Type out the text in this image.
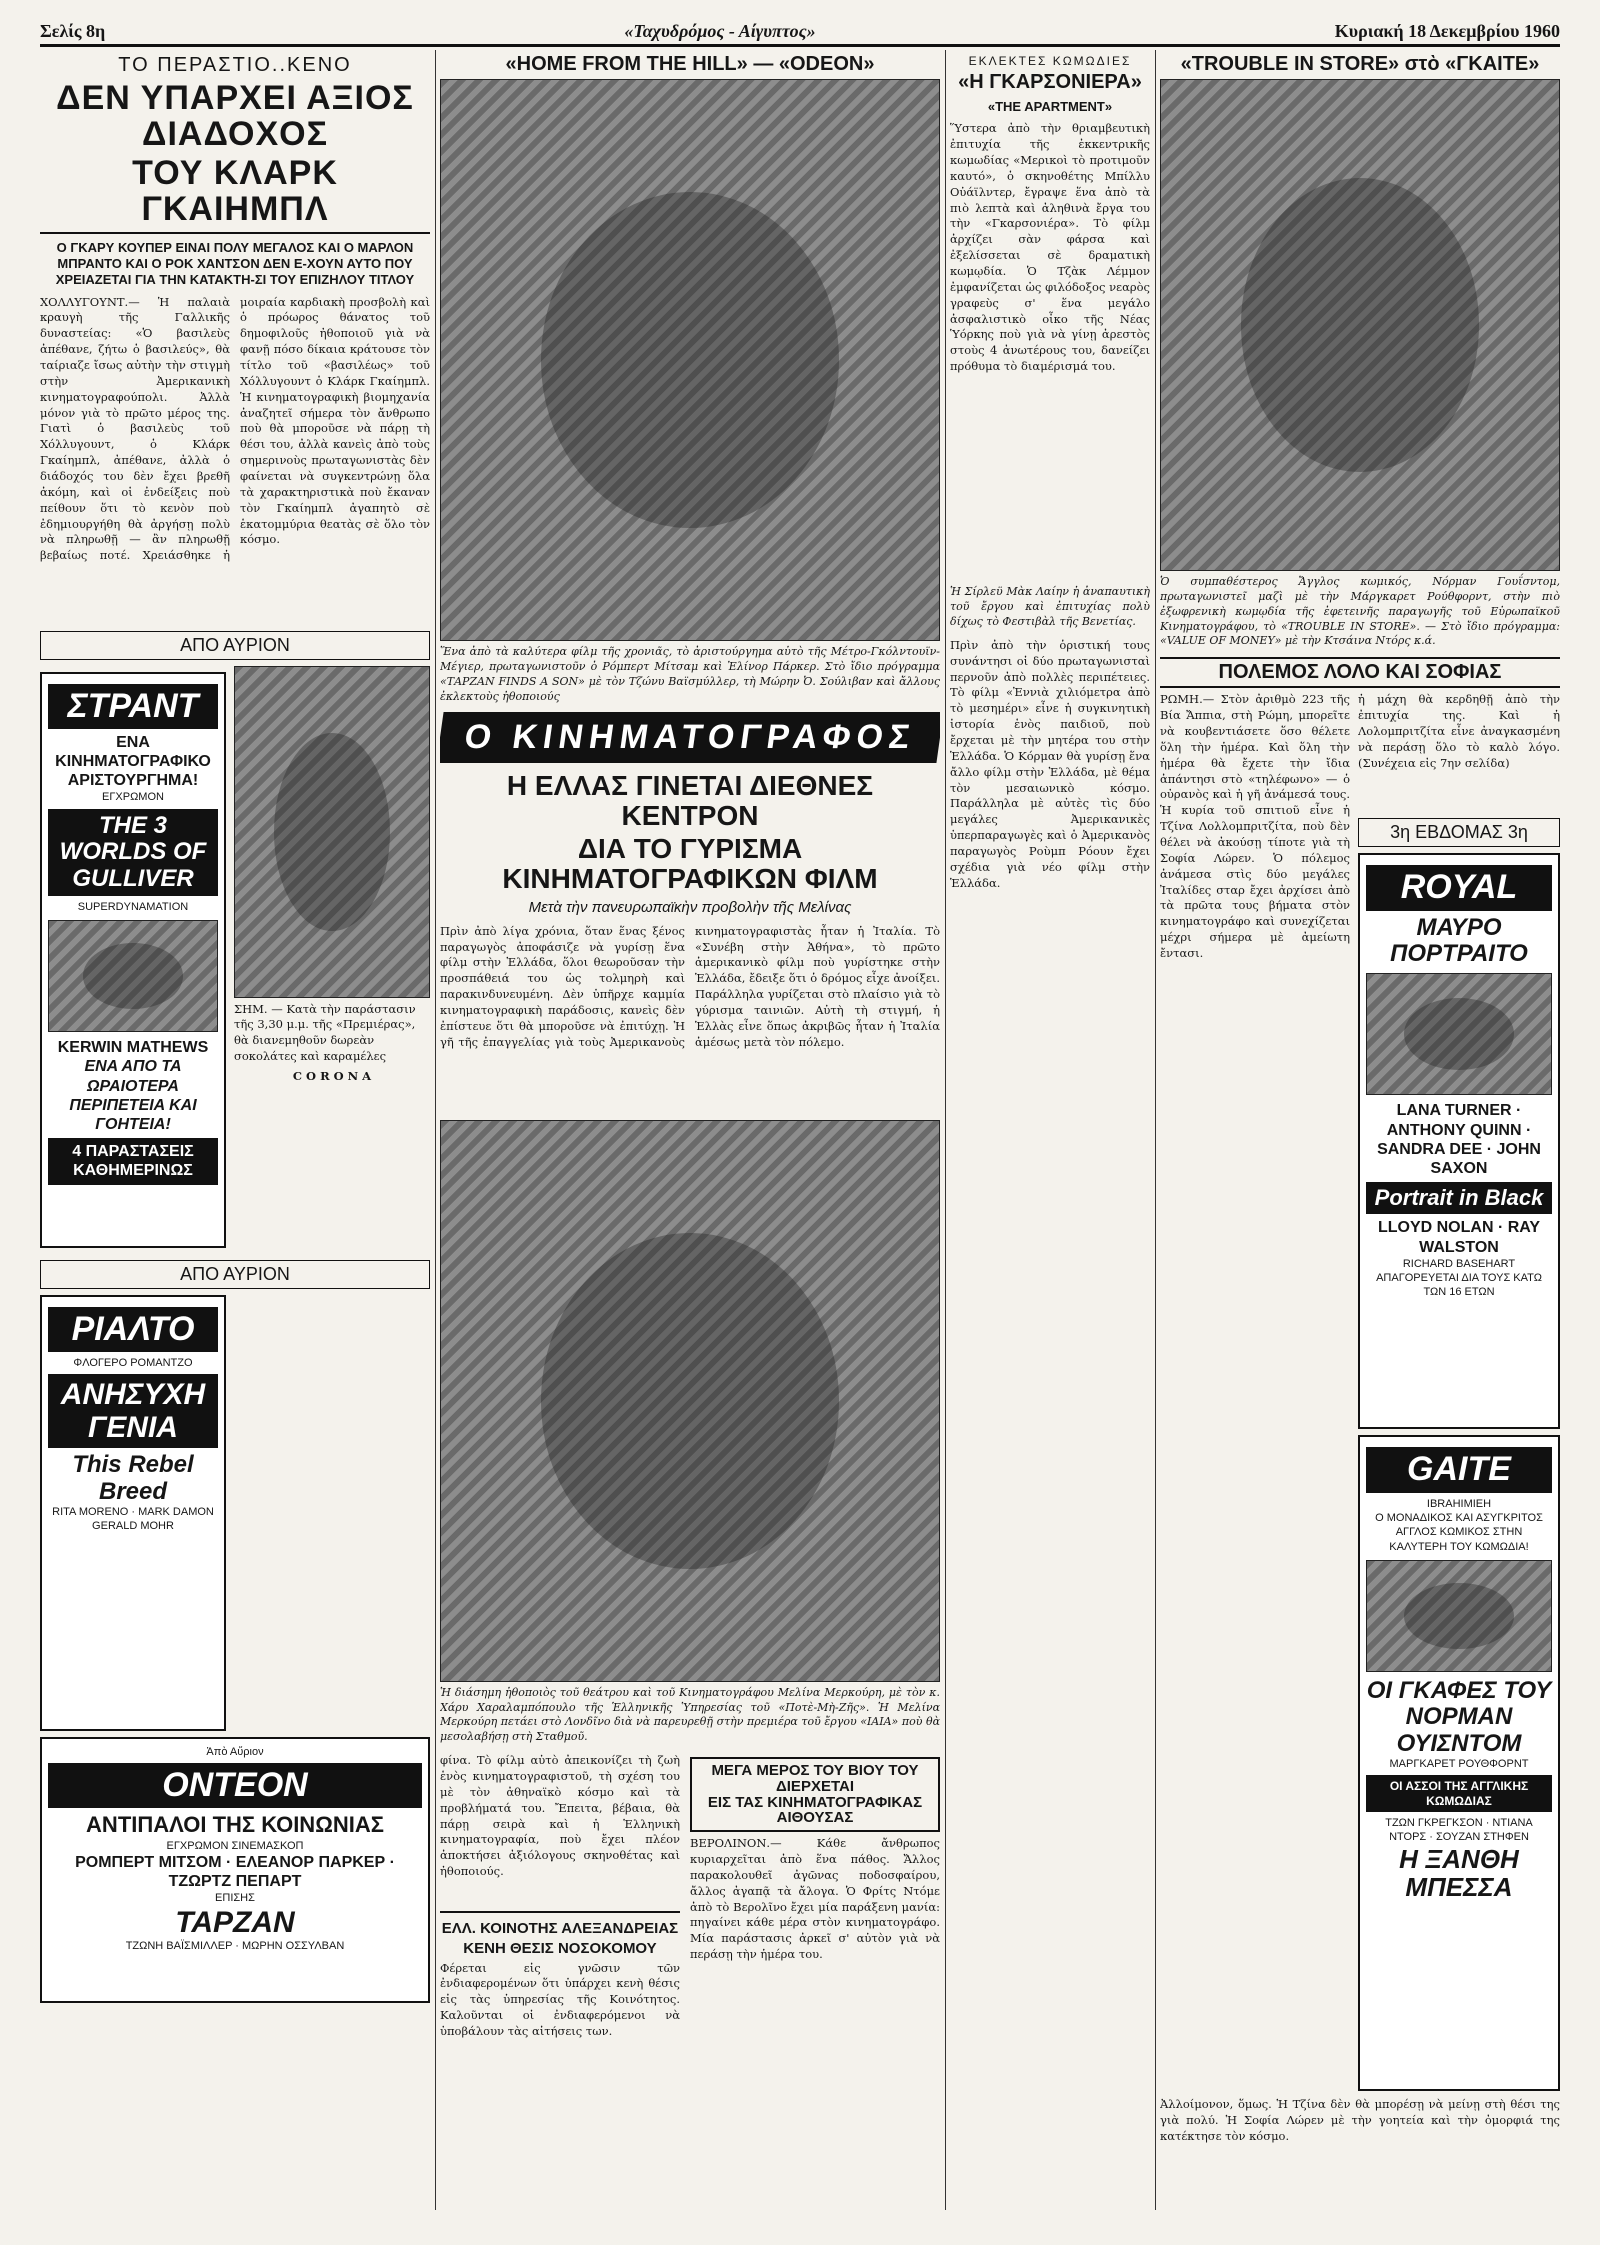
Σελίς 8η	«Ταχυδρόμος - Αίγυπτος»	Κυριακή 18 Δεκεμβρίου 1960
ΤΟ ΠΕΡΑΣΤΙΟ..ΚΕΝΟ
ΔΕΝ ΥΠΑΡΧΕΙ ΑΞΙΟΣ ΔΙΑΔΟΧΟΣ
ΤΟΥ ΚΛΑΡΚ ΓΚΑΙΗΜΠΛ
Ο ΓΚΑΡΥ ΚΟΥΠΕΡ ΕΙΝΑΙ ΠΟΛΥ ΜΕΓΑΛΟΣ ΚΑΙ Ο ΜΑΡΛΟΝ ΜΠΡΑΝΤΟ ΚΑΙ Ο ΡΟΚ ΧΑΝΤΣΟΝ ΔΕΝ Ε-ΧΟΥΝ ΑΥΤΟ ΠΟΥ ΧΡΕΙΑΖΕΤΑΙ ΓΙΑ ΤΗΝ ΚΑΤΑΚΤΗ-ΣΙ ΤΟΥ ΕΠΙΖΗΛΟΥ ΤΙΤΛΟΥ
ΧΟΛΛΥΓΟΥΝΤ.— Ἡ παλαιὰ κραυγὴ τῆς Γαλλικῆς δυναστείας: «Ὁ βασιλεὺς ἀπέθανε, ζήτω ὁ βασιλεύς», θὰ ταίριαζε ἴσως αὐτὴν τὴν στιγμὴ στὴν Ἀμερικανικὴ κινηματογραφούπολι. Ἀλλὰ μόνον γιὰ τὸ πρῶτο μέρος της. Γιατὶ ὁ βασιλεὺς τοῦ Χόλλυγουντ, ὁ Κλάρκ Γκαίημπλ, ἀπέθανε, ἀλλὰ ὁ διάδοχός του δὲν ἔχει βρεθῆ ἀκόμη, καὶ οἱ ἐνδείξεις ποὺ πείθουν ὅτι τὸ κενὸν ποὺ ἐδημιουργήθη θὰ ἀργήσῃ πολὺ νὰ πληρωθῇ — ἂν πληρωθῇ βεβαίως ποτέ. Χρειάσθηκε ἡ μοιραία καρδιακὴ προσβολὴ καὶ ὁ πρόωρος θάνατος τοῦ δημοφιλοῦς ἠθοποιοῦ γιὰ νὰ φανῇ πόσο δίκαια κράτουσε τὸν τίτλο τοῦ «βασιλέως» τοῦ Χόλλυγουντ ὁ Κλάρκ Γκαίημπλ. Ἡ κινηματογραφικὴ βιομηχανία ἀναζητεῖ σήμερα τὸν ἄνθρωπο ποὺ θὰ μποροῦσε νὰ πάρῃ τὴ θέσι του, ἀλλὰ κανεὶς ἀπὸ τοὺς σημερινοὺς πρωταγωνιστὰς δὲν φαίνεται νὰ συγκεντρώνῃ ὅλα τὰ χαρακτηριστικὰ ποὺ ἔκαναν τὸν Γκαίημπλ ἀγαπητὸ σὲ ἑκατομμύρια θεατὰς σὲ ὅλο τὸν κόσμο.
ΑΠΟ ΑΥΡΙΟΝ
ΣΤΡΑΝΤ
ΕΝΑ ΚΙΝΗΜΑΤΟΓΡΑΦΙΚΟ ΑΡΙΣΤΟΥΡΓΗΜΑ!
ΕΓΧΡΩΜΟΝ
THE 3 WORLDS OF GULLIVER
SUPERDYNAMATION
KERWIN MATHEWS
ΕΝΑ ΑΠΟ ΤΑ ΩΡΑΙΟΤΕΡΑ ΠΕΡΙΠΕΤΕΙΑ ΚΑΙ ΓΟΗΤΕΙΑ!
4 ΠΑΡΑΣΤΑΣΕΙΣ ΚΑΘΗΜΕΡΙΝΩΣ
ΣΗΜ. — Κατὰ τὴν παράστασιν τῆς 3,30 μ.μ. τῆς «Πρεμιέρας», θὰ διανεμηθοῦν δωρεὰν σοκολάτες καὶ καραμέλες
C O R O N A
ΑΠΟ ΑΥΡΙΟΝ
ΡΙΑΛΤΟ
ΦΛΟΓΕΡΟ ΡΟΜΑΝΤΖΟ
ΑΝΗΣΥΧΗ ΓΕΝΙΑ
This Rebel Breed
RITA MORENO · MARK DAMON
GERALD MOHR
Ἀπὸ Αὔριον
ΟΝΤΕΟΝ
ΑΝΤΙΠΑΛΟΙ ΤΗΣ ΚΟΙΝΩΝΙΑΣ
ΕΓΧΡΩΜΟΝ ΣΙΝΕΜΑΣΚΟΠ
ΡΟΜΠΕΡΤ ΜΙΤΣΟΜ · ΕΛΕΑΝΟΡ ΠΑΡΚΕΡ · ΤΖΩΡΤΖ ΠΕΠΑΡΤ
ΕΠΙΣΗΣ
ΤΑΡΖΑΝ
ΤΖΩΝΗ ΒΑΪΣΜΙΛΛΕΡ · ΜΩΡΗΝ ΟΣΣΥΛΒΑΝ
«HOME FROM THE HILL» — «ODEON»
Ἕνα ἀπὸ τὰ καλύτερα φίλμ τῆς χρονιᾶς, τὸ ἀριστούργημα αὐτὸ τῆς Μέτρο-Γκόλντουϊν-Μέγιερ, πρωταγωνιστοῦν ὁ Ρόμπερτ Μίτσαμ καὶ Ἐλίνορ Πάρκερ. Στὸ ἴδιο πρόγραμμα «ΤΑΡΖΑΝ FINDS A SON» μὲ τὸν Τζώνυ Βαϊσμύλλερ, τὴ Μώρην Ὀ. Σούλιβαν καὶ ἄλλους ἐκλεκτοὺς ἠθοποιούς
Ο ΚΙΝΗΜΑΤΟΓΡΑΦΟΣ
Η ΕΛΛΑΣ ΓΙΝΕΤΑΙ ΔΙΕΘΝΕΣ ΚΕΝΤΡΟΝ
ΔΙΑ ΤΟ ΓΥΡΙΣΜΑ ΚΙΝΗΜΑΤΟΓΡΑΦΙΚΩΝ ΦΙΛΜ
Μετὰ τὴν πανευρωπαϊκὴν προβολὴν τῆς Μελίνας
Πρὶν ἀπὸ λίγα χρόνια, ὅταν ἕνας ξένος παραγωγὸς ἀποφάσιζε νὰ γυρίσῃ ἕνα φίλμ στὴν Ἑλλάδα, ὅλοι θεωροῦσαν τὴν προσπάθειά του ὡς τολμηρὴ καὶ παρακινδυνευμένη. Δὲν ὑπῆρχε καμμία κινηματογραφικὴ παράδοσις, κανεὶς δὲν ἐπίστευε ὅτι θὰ μποροῦσε νὰ ἐπιτύχῃ. Ἡ γῆ τῆς ἐπαγγελίας γιὰ τοὺς Ἀμερικανοὺς κινηματογραφιστὰς ἦταν ἡ Ἰταλία. Τὸ «Συνέβη στὴν Ἀθήνα», τὸ πρῶτο ἀμερικανικὸ φίλμ ποὺ γυρίστηκε στὴν Ἑλλάδα, ἔδειξε ὅτι ὁ δρόμος εἶχε ἀνοίξει. Παράλληλα γυρίζεται στὸ πλαίσιο γιὰ τὸ γύρισμα ταινιῶν. Αὐτὴ τὴ στιγμή, ἡ Ἑλλὰς εἶνε ὅπως ἀκριβῶς ἦταν ἡ Ἰταλία ἀμέσως μετὰ τὸν πόλεμο.
Ἡ διάσημη ἠθοποιὸς τοῦ θεάτρου καὶ τοῦ Κινηματογράφου Μελίνα Μερκούρη, μὲ τὸν κ. Χάρυ Χαραλαμπόπουλο τῆς Ἑλληνικῆς Ὑπηρεσίας τοῦ «Ποτὲ-Μὴ-Ζῆς». Ἡ Μελίνα Μερκούρη πετάει στὸ Λονδῖνο διὰ νὰ παρευρεθῇ στὴν πρεμιέρα τοῦ ἔργου «ΙΑΙΑ» ποὺ θὰ μεσολαβήσῃ στὴ Σταθμοῦ.
φίνα. Τὸ φίλμ αὐτὸ ἀπεικονίζει τὴ ζωὴ ἑνὸς κινηματογραφιστοῦ, τὴ σχέση του μὲ τὸν ἀθηναϊκὸ κόσμο καὶ τὰ προβλήματά του. Ἔπειτα, βέβαια, θὰ πάρῃ σειρὰ καὶ ἡ Ἑλληνικὴ κινηματογραφία, ποὺ ἔχει πλέον ἀποκτήσει ἀξιόλογους σκηνοθέτας καὶ ἠθοποιούς.
ΕΛΛ. ΚΟΙΝΟΤΗΣ ΑΛΕΞΑΝΔΡΕΙΑΣ
ΚΕΝΗ ΘΕΣΙΣ ΝΟΣΟΚΟΜΟΥ
Φέρεται εἰς γνῶσιν τῶν ἐνδιαφερομένων ὅτι ὑπάρχει κενὴ θέσις εἰς τὰς ὑπηρεσίας τῆς Κοινότητος. Καλοῦνται οἱ ἐνδιαφερόμενοι νὰ ὑποβάλουν τὰς αἰτήσεις των.
ΜΕΓΑ ΜΕΡΟΣ ΤΟΥ ΒΙΟΥ ΤΟΥ ΔΙΕΡΧΕΤΑΙ
ΕΙΣ ΤΑΣ ΚΙΝΗΜΑΤΟΓΡΑΦΙΚΑΣ ΑΙΘΟΥΣΑΣ
ΒΕΡΟΛΙΝΟΝ.— Κάθε ἄνθρωπος κυριαρχεῖται ἀπὸ ἕνα πάθος. Ἄλλος παρακολουθεῖ ἀγῶνας ποδοσφαίρου, ἄλλος ἀγαπᾷ τὰ ἄλογα. Ὁ Φρίτς Ντόμε ἀπὸ τὸ Βερολῖνο ἔχει μία παράξενη μανία: πηγαίνει κάθε μέρα στὸν κινηματογράφο. Μία παράστασις ἀρκεῖ σ' αὐτὸν γιὰ νὰ περάσῃ τὴν ἡμέρα του.
ΕΚΛΕΚΤΕΣ ΚΩΜΩΔΙΕΣ
«Η ΓΚΑΡΣΟΝΙΕΡΑ»
«THE APARTMENT»
Ὕστερα ἀπὸ τὴν θριαμβευτικὴ ἐπιτυχία τῆς ἐκκεντρικῆς κωμωδίας «Μερικοὶ τὸ προτιμοῦν καυτό», ὁ σκηνοθέτης Μπίλλυ Οὐάϊλντερ, ἔγραψε ἕνα ἀπὸ τὰ πιὸ λεπτὰ καὶ ἀληθινὰ ἔργα του τὴν «Γκαρσονιέρα». Τὸ φίλμ ἀρχίζει σὰν φάρσα καὶ ἐξελίσσεται σὲ δραματικὴ κωμῳδία. Ὁ Τζὰκ Λέμμον ἐμφανίζεται ὡς φιλόδοξος νεαρὸς γραφεὺς σ' ἕνα μεγάλο ἀσφαλιστικὸ οἶκο τῆς Νέας Ὑόρκης ποὺ γιὰ νὰ γίνῃ ἀρεστὸς στοὺς 4 ἀνωτέρους του, δανείζει πρόθυμα τὸ διαμέρισμά του.
Ἡ Σίρλεϋ Μὰκ Λαίην ἡ ἀναπαυτικὴ τοῦ ἔργου καὶ ἐπιτυχίας πολὺ δίχως τὸ Φεστιβὰλ τῆς Βενετίας.
Πρὶν ἀπὸ τὴν ὁριστική τους συνάντησι οἱ δύο πρωταγωνισταὶ περνοῦν ἀπὸ πολλὲς περιπέτειες. Τὸ φίλμ «Ἐννιὰ χιλιόμετρα ἀπὸ τὸ μεσημέρι» εἶνε ἡ συγκινητικὴ ἱστορία ἑνὸς παιδιοῦ, ποὺ ἔρχεται μὲ τὴν μητέρα του στὴν Ἑλλάδα. Ὁ Κόρμαν θὰ γυρίσῃ ἕνα ἄλλο φίλμ στὴν Ἑλλάδα, μὲ θέμα τὸν μεσαιωνικὸ κόσμο. Παράλληλα μὲ αὐτὲς τὶς δύο μεγάλες Ἀμερικανικὲς ὑπερπαραγωγὲς καὶ ὁ Ἀμερικανὸς παραγωγὸς Ροὺμπ Ρόουν ἔχει σχέδια γιὰ νέο φίλμ στὴν Ἑλλάδα.
«TROUBLE IN STORE» στὸ «ΓΚΑΙΤΕ»
Ὁ συμπαθέστερος Ἄγγλος κωμικός, Νόρμαν Γουΐσντομ, πρωταγωνιστεῖ μαζὶ μὲ τὴν Μάργκαρετ Ρούθφορντ, στὴν πιὸ ἐξωφρενικὴ κωμῳδία τῆς ἐφετεινῆς παραγωγῆς τοῦ Εὐρωπαϊκοῦ Κινηματογράφου, τὸ «TROUBLE IN STORE». — Στὸ ἴδιο πρόγραμμα: «VALUE OF MONEY» μὲ τὴν Κτσάινα Ντόρς κ.ά.
ΠΟΛΕΜΟΣ ΛΟΛΟ ΚΑΙ ΣΟΦΙΑΣ
ΡΩΜΗ.— Στὸν ἀριθμὸ 223 τῆς Βία Ἄππια, στὴ Ρώμη, μπορεῖτε νὰ κουβεντιάσετε ὅσο θέλετε ὅλη τὴν ἡμέρα. Καὶ ὅλη τὴν ἡμέρα θὰ ἔχετε τὴν ἴδια ἀπάντησι στὸ «τηλέφωνο» — ὁ οὐρανὸς καὶ ἡ γῆ ἀνάμεσά τους. Ἡ κυρία τοῦ σπιτιοῦ εἶνε ἡ Τζίνα Λολλομπριτζίτα, ποὺ δὲν θέλει νὰ ἀκούσῃ τίποτε γιὰ τὴ Σοφία Λώρεν. Ὁ πόλεμος ἀνάμεσα στὶς δύο μεγάλες Ἰταλίδες σταρ ἔχει ἀρχίσει ἀπὸ τὰ πρῶτα τους βήματα στὸν κινηματογράφο καὶ συνεχίζεται μέχρι σήμερα μὲ ἀμείωτη ἔντασι.
ἡ μάχη θὰ κερδηθῇ ἀπὸ τὴν ἐπιτυχία της. Καὶ ἡ Λολομπριτζίτα εἶνε ἀναγκασμένη νὰ περάσῃ ὅλο τὸ καλὸ λόγο. (Συνέχεια εἰς 7ην σελίδα)
3η ΕΒΔΟΜΑΣ 3η
ROYAL
ΜΑΥΡΟ ΠΟΡΤΡΑΙΤΟ
LANA TURNER · ANTHONY QUINN · SANDRA DEE · JOHN SAXON
Portrait in Black
LLOYD NOLAN · RAY WALSTON
RICHARD BASEHART
ΑΠΑΓΟΡΕΥΕΤΑΙ ΔΙΑ ΤΟΥΣ ΚΑΤΩ ΤΩΝ 16 ΕΤΩΝ
GAITE
IBRAHIMIEH
Ο ΜΟΝΑΔΙΚΟΣ ΚΑΙ ΑΣΥΓΚΡΙΤΟΣ ΑΓΓΛΟΣ ΚΩΜΙΚΟΣ ΣΤΗΝ ΚΑΛΥΤΕΡΗ ΤΟΥ ΚΩΜΩΔΙΑ!
ΟΙ ΓΚΑΦΕΣ ΤΟΥ ΝΟΡΜΑΝ ΟΥΙΣΝΤΟΜ
ΜΑΡΓΚΑΡΕΤ ΡΟΥΘΦΟΡΝΤ
ΟΙ ΑΣΣΟΙ ΤΗΣ ΑΓΓΛΙΚΗΣ ΚΩΜΩΔΙΑΣ
ΤΖΩΝ ΓΚΡΕΓΚΣΟΝ · ΝΤΙΑΝΑ ΝΤΟΡΣ · ΣΟΥΖΑΝ ΣΤΗΦΕΝ
Η ΞΑΝΘΗ ΜΠΕΣΣΑ
Ἀλλοίμονον, ὅμως. Ἡ Τζίνα δὲν θὰ μπορέσῃ νὰ μείνῃ στὴ θέσι της γιὰ πολύ. Ἡ Σοφία Λώρεν μὲ τὴν γοητεία καὶ τὴν ὀμορφιά της κατέκτησε τὸν κόσμο.
